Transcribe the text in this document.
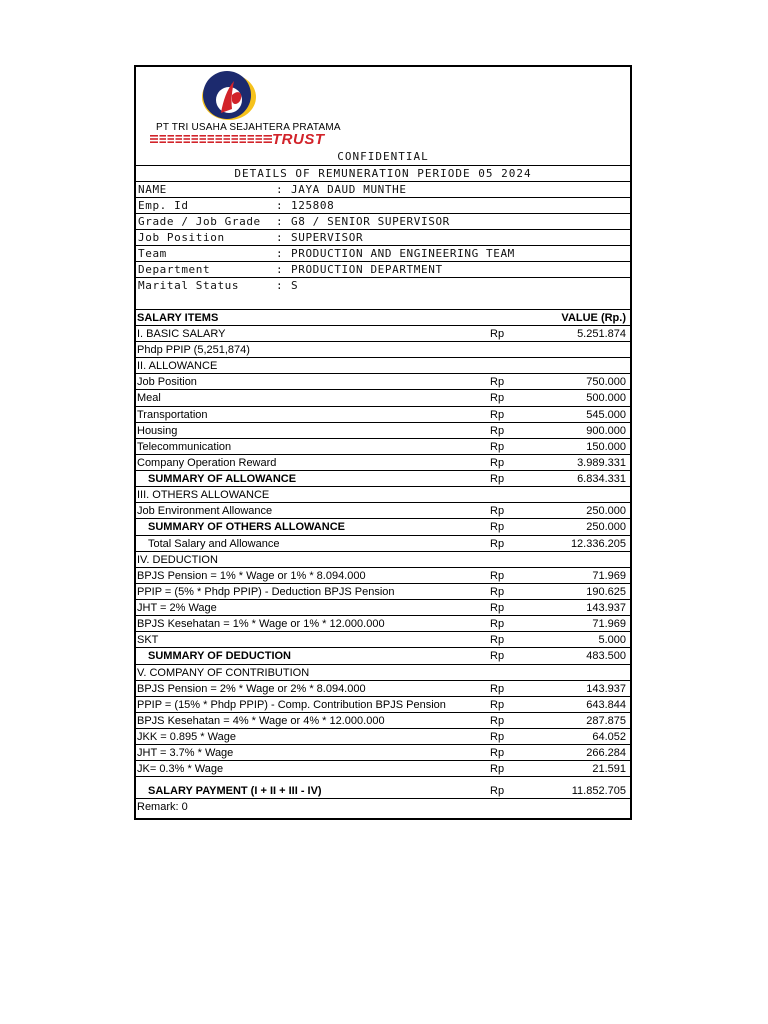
PT TRI USAHA SEJAHTERA PRATAMA
TRUST
CONFIDENTIAL
DETAILS OF REMUNERATION PERIODE 05 2024
NAME	: JAYA DAUD MUNTHE
Emp. Id	: 125808
Grade / Job Grade : G8 / SENIOR SUPERVISOR
Job Position	: SUPERVISOR
Team	: PRODUCTION AND ENGINEERING TEAM
Department	: PRODUCTION DEPARTMENT
Marital Status	: S
SALARY ITEMS	VALUE (Rp.)
I. BASIC SALARY	Rp	5.251.874
Phdp PPIP (5,251,874)
II. ALLOWANCE
Job Position	Rp	750.000
Meal	Rp	500.000
Transportation	Rp	545.000
Housing	Rp	900.000
Telecommunication	Rp	150.000
Company Operation Reward	Rp	3.989.331
SUMMARY OF ALLOWANCE	Rp	6.834.331
III. OTHERS ALLOWANCE
Job Environment Allowance	Rp	250.000
SUMMARY OF OTHERS ALLOWANCE	Rp	250.000
Total Salary and Allowance	Rp	12.336.205
IV. DEDUCTION
BPJS Pension = 1% * Wage or 1% * 8.094.000	Rp	71.969
PPIP = (5% * Phdp PPIP) - Deduction BPJS Pension	Rp	190.625
JHT = 2% Wage	Rp	143.937
BPJS Kesehatan = 1% * Wage or 1% * 12.000.000	Rp	71.969
SKT	Rp	5.000
SUMMARY OF DEDUCTION	Rp	483.500
V. COMPANY OF CONTRIBUTION
BPJS Pension = 2% * Wage or 2% * 8.094.000	Rp	143.937
PPIP = (15% * Phdp PPIP) - Comp. Contribution BPJS Pension	Rp	643.844
BPJS Kesehatan = 4% * Wage or 4% * 12.000.000	Rp	287.875
JKK = 0.895 * Wage	Rp	64.052
JHT = 3.7% * Wage	Rp	266.284
JK= 0.3% * Wage	Rp	21.591
SALARY PAYMENT (I + II + III - IV)	Rp	11.852.705
Remark: 0
